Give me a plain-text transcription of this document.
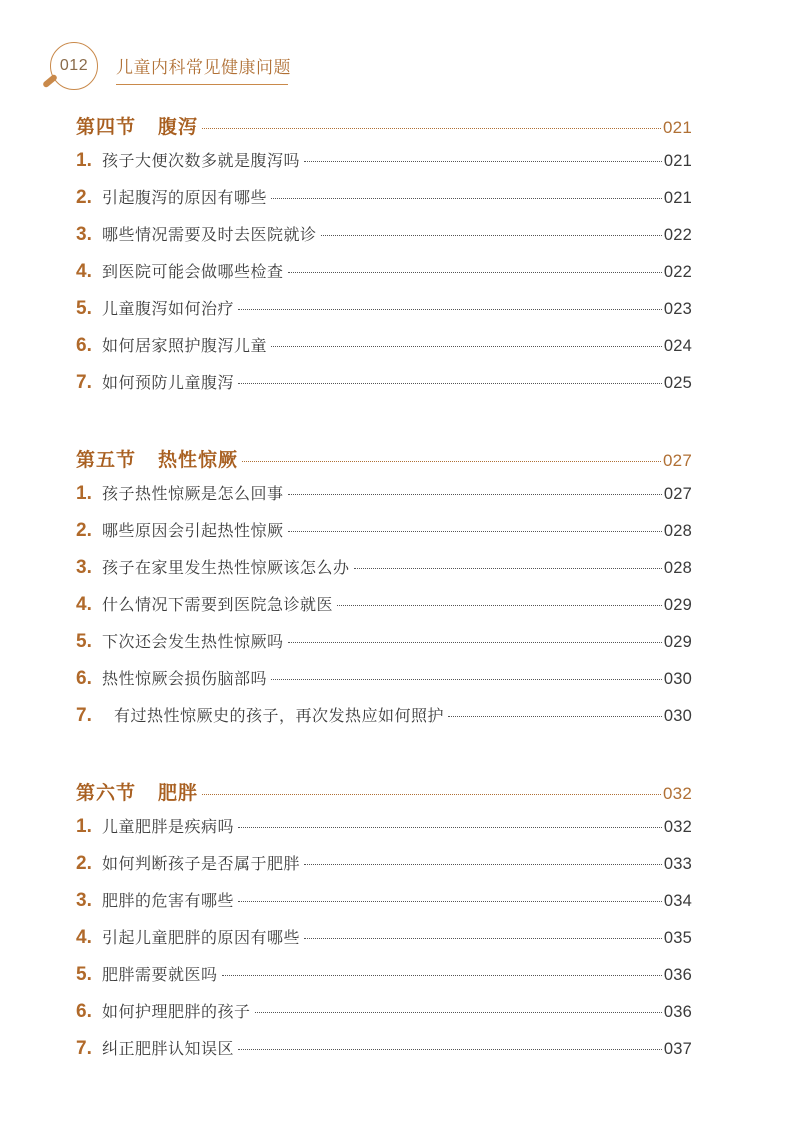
012	儿童内科常见健康问题
第四节 腹泻	021
1. 孩子大便次数多就是腹泻吗	021
2. 引起腹泻的原因有哪些	021
3. 哪些情况需要及时去医院就诊	022
4. 到医院可能会做哪些检查	022
5. 儿童腹泻如何治疗	023
6. 如何居家照护腹泻儿童	024
7. 如何预防儿童腹泻	025
第五节 热性惊厥	027
1. 孩子热性惊厥是怎么回事	027
2. 哪些原因会引起热性惊厥	028
3. 孩子在家里发生热性惊厥该怎么办	028
4. 什么情况下需要到医院急诊就医	029
5. 下次还会发生热性惊厥吗	029
6. 热性惊厥会损伤脑部吗	030
7.	有过热性惊厥史的孩子，再次发热应如何照护	030
第六节 肥胖	032
1. 儿童肥胖是疾病吗	032
2. 如何判断孩子是否属于肥胖	033
3. 肥胖的危害有哪些	034
4. 引起儿童肥胖的原因有哪些	035
5. 肥胖需要就医吗	036
6. 如何护理肥胖的孩子	036
7. 纠正肥胖认知误区	037
